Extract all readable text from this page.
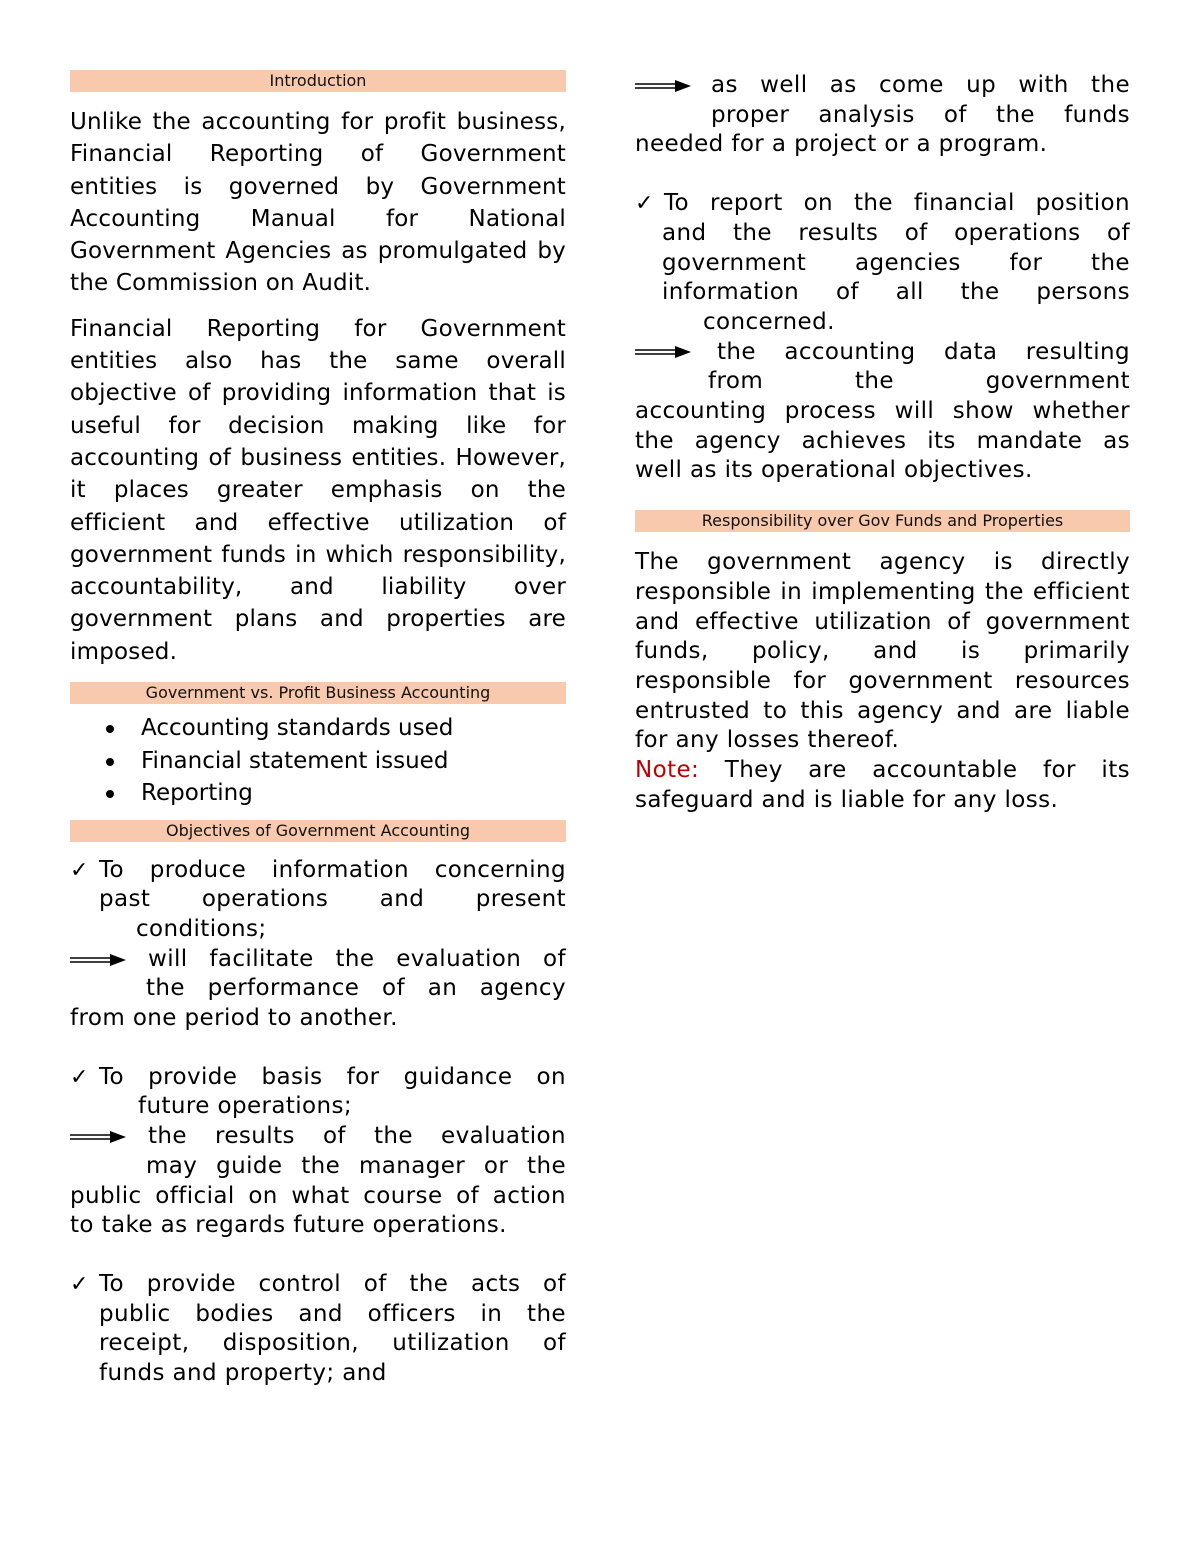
Introduction

Unlike the accounting for profit business, Financial Reporting of Government entities is governed by Government Accounting Manual for National Government Agencies as promulgated by the Commission on Audit.

Financial Reporting for Government entities also has the same overall objective of providing information that is useful for decision making like for accounting of business entities. However, it places greater emphasis on the efficient and effective utilization of government funds in which responsibility, accountability, and liability over government plans and properties are imposed.

Government vs. Profit Business Accounting
Accounting standards used
Financial statement issued
Reporting
Objectives of Government Accounting
✓ To produce information concerning

past operations and present

conditions;

will facilitate the evaluation of

the performance of an agency

from one period to another.

✓ To provide basis for guidance on

future operations;

the results of the evaluation

may guide the manager or the

public official on what course of action

to take as regards future operations.

✓ To provide control of the acts of

public bodies and officers in the

receipt, disposition, utilization of

funds and property; and

as well as come up with the

proper analysis of the funds

needed for a project or a program.

✓ To report on the financial position

and the results of operations of

government agencies for the

information of all the persons

concerned.

the accounting data resulting

from the government

accounting process will show whether

the agency achieves its mandate as

well as its operational objectives.

Responsibility over Gov Funds and Properties

The government agency is directly responsible in implementing the efficient and effective utilization of government funds, policy, and is primarily responsible for government resources entrusted to this agency and are liable for any losses thereof.

Note: They are accountable for its safeguard and is liable for any loss.
